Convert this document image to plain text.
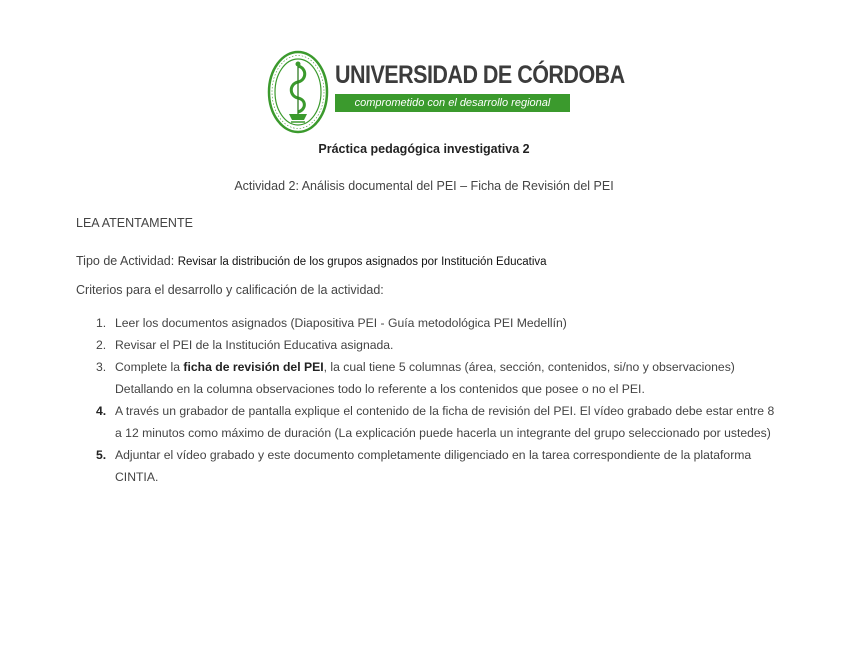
UNIVERSIDAD DE CÓRDOBA
comprometido con el desarrollo regional
Práctica pedagógica investigativa 2
Actividad 2: Análisis documental del PEI – Ficha de Revisión del PEI
LEA ATENTAMENTE
Tipo de Actividad: Revisar la distribución de los grupos asignados por Institución Educativa
Criterios para el desarrollo y calificación de la actividad:
1. Leer los documentos asignados (Diapositiva PEI - Guía metodológica PEI Medellín)
2. Revisar el PEI de la Institución Educativa asignada.
3. Complete la ficha de revisión del PEI, la cual tiene 5 columnas (área, sección, contenidos, si/no y observaciones) Detallando en la columna observaciones todo lo referente a los contenidos que posee o no el PEI.
4. A través un grabador de pantalla explique el contenido de la ficha de revisión del PEI. El vídeo grabado debe estar entre 8 a 12 minutos como máximo de duración (La explicación puede hacerla un integrante del grupo seleccionado por ustedes)
5. Adjuntar el vídeo grabado y este documento completamente diligenciado en la tarea correspondiente de la plataforma CINTIA.
